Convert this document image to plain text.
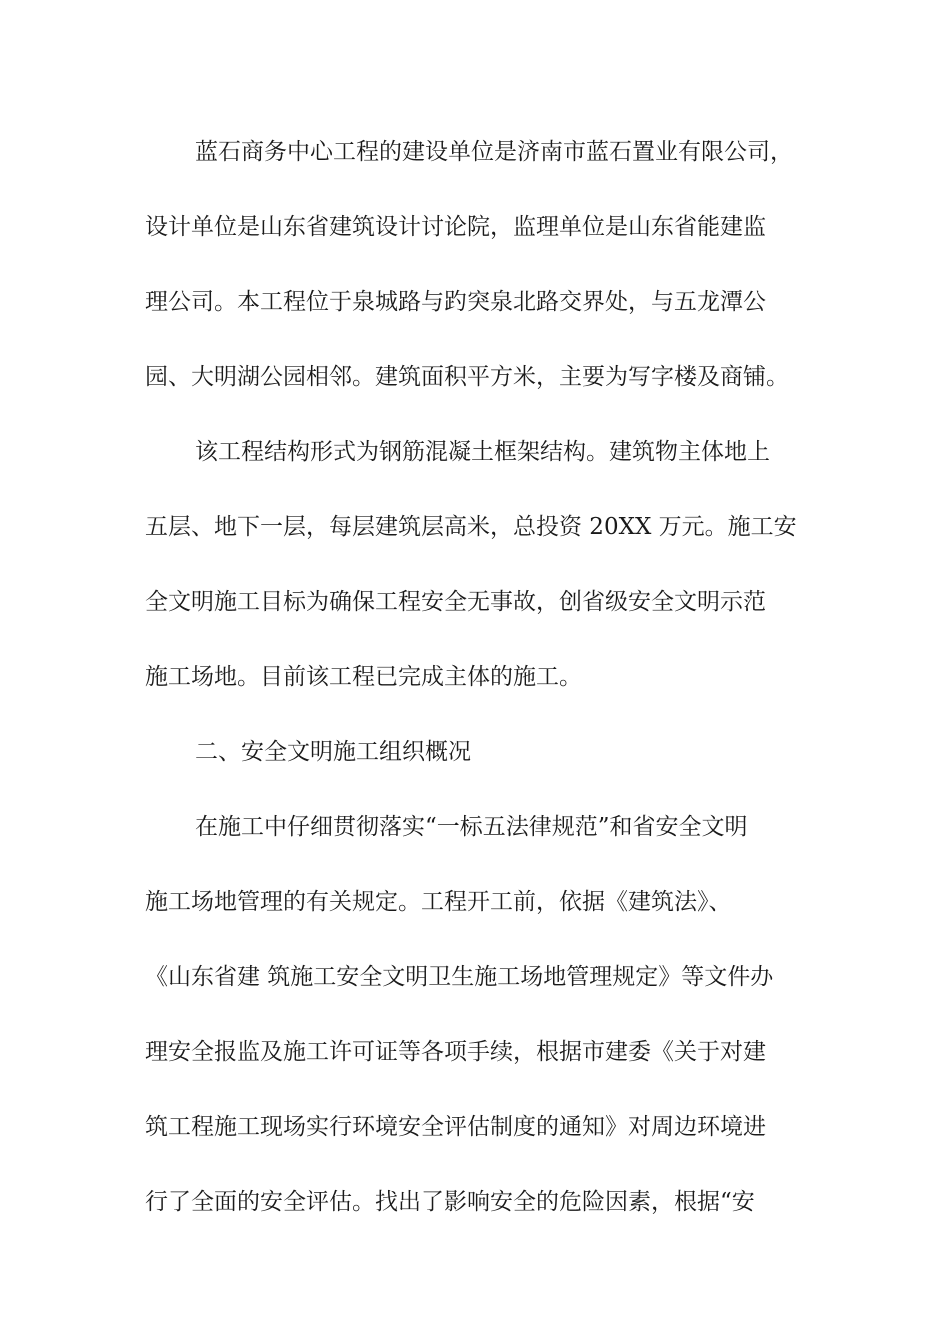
蓝石商务中心工程的建设单位是济南市蓝石置业有限公司，

设计单位是山东省建筑设计讨论院，监理单位是山东省能建监

理公司。本工程位于泉城路与趵突泉北路交界处，与五龙潭公

园、大明湖公园相邻。建筑面积平方米，主要为写字楼及商铺。

该工程结构形式为钢筋混凝土框架结构。建筑物主体地上

五层、地下一层，每层建筑层高米，总投资 20XX 万元。施工安

全文明施工目标为确保工程安全无事故，创省级安全文明示范

施工场地。目前该工程已完成主体的施工。

二、安全文明施工组织概况

在施工中仔细贯彻落实“一标五法律规范”和省安全文明

施工场地管理的有关规定。工程开工前，依据《建筑法》、

《山东省建 筑施工安全文明卫生施工场地管理规定》等文件办

理安全报监及施工许可证等各项手续，根据市建委《关于对建

筑工程施工现场实行环境安全评估制度的通知》对周边环境进

行了全面的安全评估。找出了影响安全的危险因素，根据“安
